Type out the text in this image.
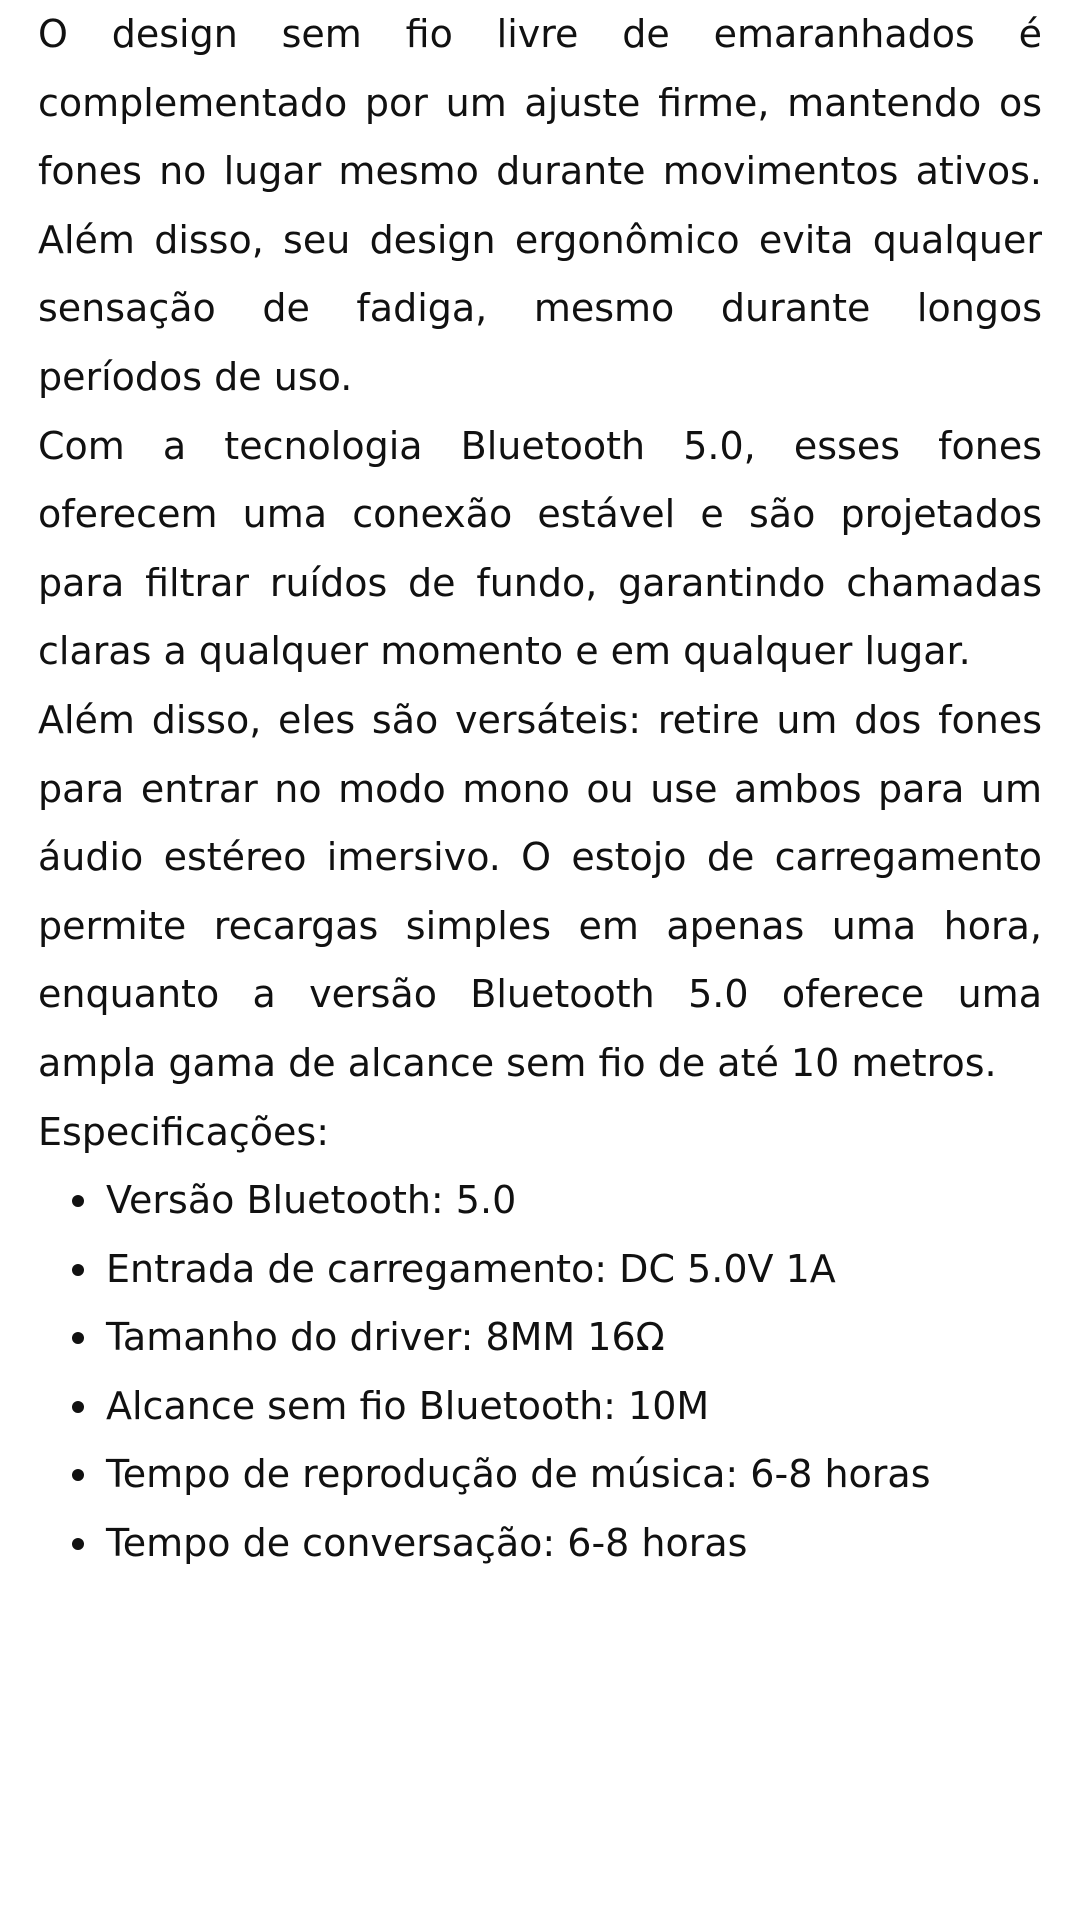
O design sem fio livre de emaranhados é complementado por um ajuste firme, mantendo os fones no lugar mesmo durante movimentos ativos. Além disso, seu design ergonômico evita qualquer sensação de fadiga, mesmo durante longos períodos de uso.

Com a tecnologia Bluetooth 5.0, esses fones oferecem uma conexão estável e são projetados para filtrar ruídos de fundo, garantindo chamadas claras a qualquer momento e em qualquer lugar.

Além disso, eles são versáteis: retire um dos fones para entrar no modo mono ou use ambos para um áudio estéreo imersivo. O estojo de carregamento permite recargas simples em apenas uma hora, enquanto a versão Bluetooth 5.0 oferece uma ampla gama de alcance sem fio de até 10 metros.

Especificações:

Versão Bluetooth: 5.0
Entrada de carregamento: DC 5.0V 1A
Tamanho do driver: 8MM 16Ω
Alcance sem fio Bluetooth: 10M
Tempo de reprodução de música: 6-8 horas
Tempo de conversação: 6-8 horas
